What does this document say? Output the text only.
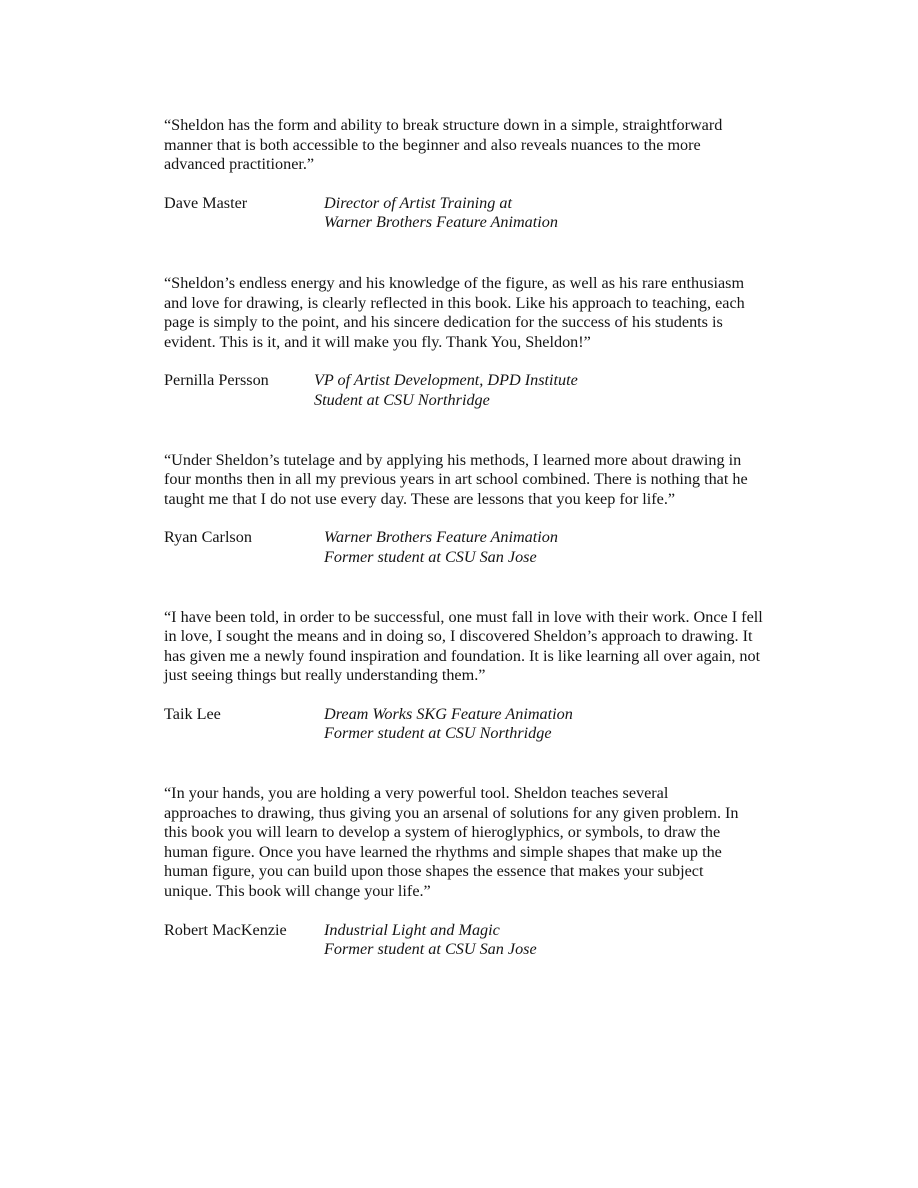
“Sheldon has the form and ability to break structure down in a simple, straightforward manner that is both accessible to the beginner and also reveals nuances to the more advanced practitioner.”

Dave Master	Director of Artist Training at
Warner Brothers Feature Animation

“Sheldon’s endless energy and his knowledge of the figure, as well as his rare enthusiasm and love for drawing, is clearly reflected in this book. Like his approach to teaching, each page is simply to the point, and his sincere dedication for the success of his students is evident. This is it, and it will make you fly. Thank You, Sheldon!”

Pernilla Persson	VP of Artist Development, DPD Institute
Student at CSU Northridge

“Under Sheldon’s tutelage and by applying his methods, I learned more about drawing in four months then in all my previous years in art school combined. There is nothing that he taught me that I do not use every day. These are lessons that you keep for life.”

Ryan Carlson	Warner Brothers Feature Animation
Former student at CSU San Jose

“I have been told, in order to be successful, one must fall in love with their work. Once I fell in love, I sought the means and in doing so, I discovered Sheldon’s approach to drawing. It has given me a newly found inspiration and foundation. It is like learning all over again, not just seeing things but really understanding them.”

Taik Lee	Dream Works SKG Feature Animation
Former student at CSU Northridge

“In your hands, you are holding a very powerful tool. Sheldon teaches several approaches to drawing, thus giving you an arsenal of solutions for any given problem. In this book you will learn to develop a system of hieroglyphics, or symbols, to draw the human figure. Once you have learned the rhythms and simple shapes that make up the human figure, you can build upon those shapes the essence that makes your subject unique. This book will change your life.”

Robert MacKenzie	Industrial Light and Magic
Former student at CSU San Jose
